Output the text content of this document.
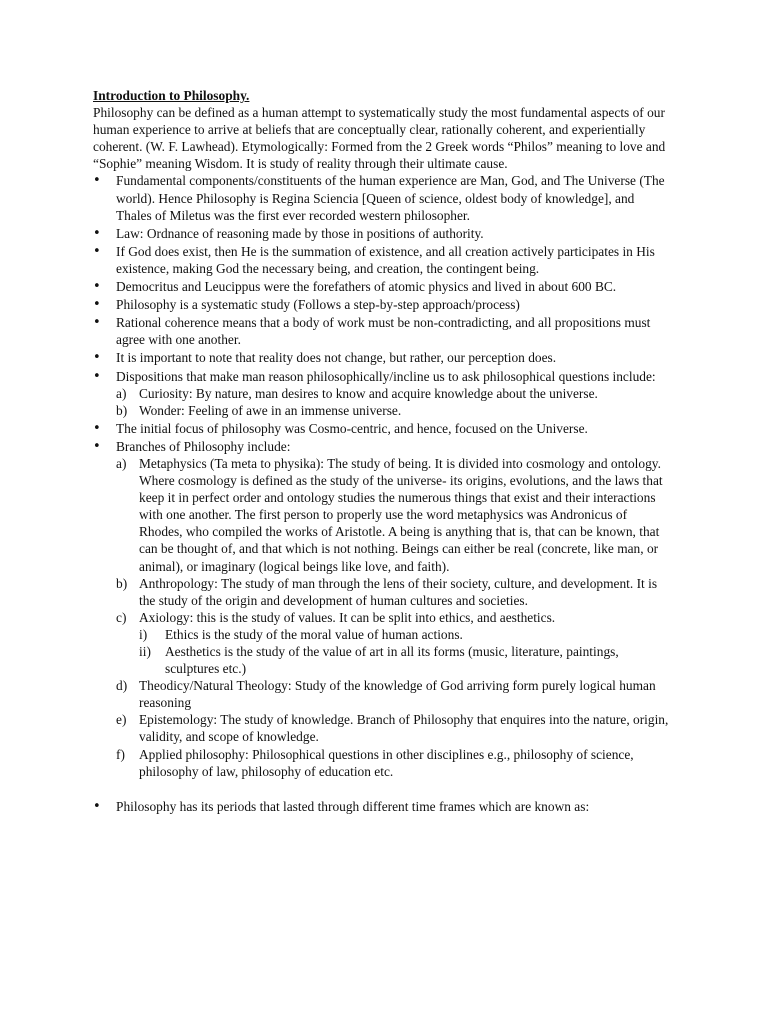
Introduction to Philosophy.

Philosophy can be defined as a human attempt to systematically study the most fundamental aspects of our human experience to arrive at beliefs that are conceptually clear, rationally coherent, and experientially coherent. (W. F. Lawhead). Etymologically: Formed from the 2 Greek words “Philos” meaning to love and “Sophie” meaning Wisdom. It is study of reality through their ultimate cause.

• Fundamental components/constituents of the human experience are Man, God, and The Universe (The world). Hence Philosophy is Regina Sciencia [Queen of science, oldest body of knowledge], and Thales of Miletus was the first ever recorded western philosopher.
• Law: Ordnance of reasoning made by those in positions of authority.
• If God does exist, then He is the summation of existence, and all creation actively participates in His existence, making God the necessary being, and creation, the contingent being.
• Democritus and Leucippus were the forefathers of atomic physics and lived in about 600 BC.
• Philosophy is a systematic study (Follows a step-by-step approach/process)
• Rational coherence means that a body of work must be non-contradicting, and all propositions must agree with one another.
• It is important to note that reality does not change, but rather, our perception does.
• Dispositions that make man reason philosophically/incline us to ask philosophical questions include:
a) Curiosity: By nature, man desires to know and acquire knowledge about the universe.
b) Wonder: Feeling of awe in an immense universe.
• The initial focus of philosophy was Cosmo-centric, and hence, focused on the Universe.
• Branches of Philosophy include:
a) Metaphysics (Ta meta to physika): The study of being. It is divided into cosmology and ontology. Where cosmology is defined as the study of the universe- its origins, evolutions, and the laws that keep it in perfect order and ontology studies the numerous things that exist and their interactions with one another. The first person to properly use the word metaphysics was Andronicus of Rhodes, who compiled the works of Aristotle. A being is anything that is, that can be known, that can be thought of, and that which is not nothing. Beings can either be real (concrete, like man, or animal), or imaginary (logical beings like love, and faith).
b) Anthropology: The study of man through the lens of their society, culture, and development. It is the study of the origin and development of human cultures and societies.
c) Axiology: this is the study of values. It can be split into ethics, and aesthetics.
i) Ethics is the study of the moral value of human actions.
ii) Aesthetics is the study of the value of art in all its forms (music, literature, paintings, sculptures etc.)
d) Theodicy/Natural Theology: Study of the knowledge of God arriving form purely logical human reasoning
e) Epistemology: The study of knowledge. Branch of Philosophy that enquires into the nature, origin, validity, and scope of knowledge.
f) Applied philosophy: Philosophical questions in other disciplines e.g., philosophy of science, philosophy of law, philosophy of education etc.
• Philosophy has its periods that lasted through different time frames which are known as:
